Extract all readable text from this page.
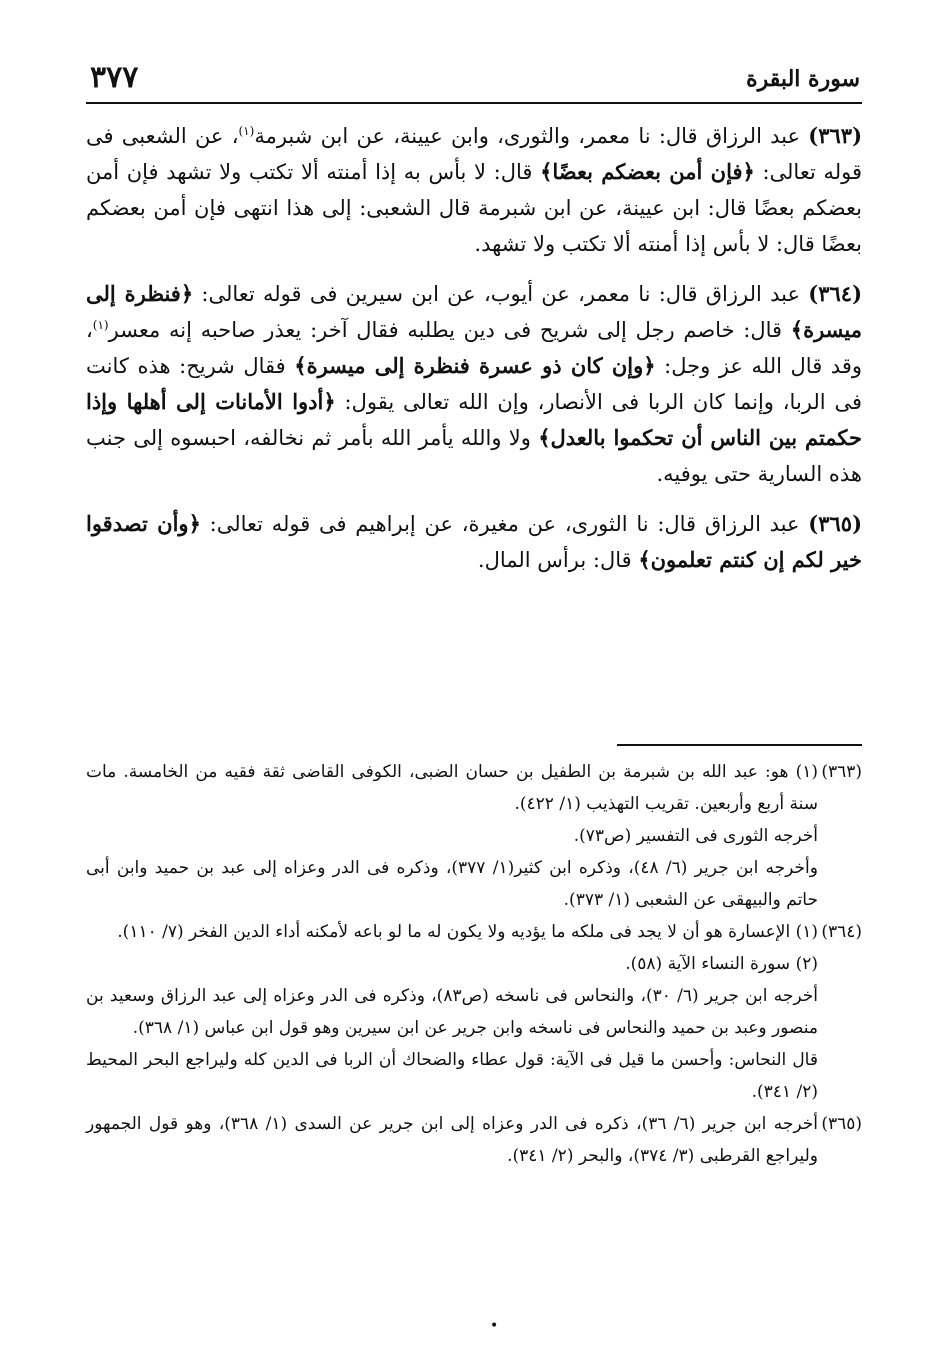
٣٧٧	سورة البقرة

(٣٦٣) عبد الرزاق قال: نا معمر، والثورى، وابن عيينة، عن ابن شبرمة$^{(١)}$، عن الشعبى فى قوله تعالى: ﴿فإن أمن بعضكم بعضًا﴾ قال: لا بأس به إذا أمنته ألا تكتب ولا تشهد فإن أمن بعضكم بعضًا قال: ابن عيينة، عن ابن شبرمة قال الشعبى: إلى هذا انتهى فإن أمن بعضكم بعضًا قال: لا بأس إذا أمنته ألا تكتب ولا تشهد.

(٣٦٤) عبد الرزاق قال: نا معمر، عن أيوب، عن ابن سيرين فى قوله تعالى: ﴿فنظرة إلى ميسرة﴾ قال: خاصم رجل إلى شريح فى دين يطلبه فقال آخر: يعذر صاحبه إنه معسر$^{(١)}$، وقد قال الله عز وجل: ﴿وإن كان ذو عسرة فنظرة إلى ميسرة﴾ فقال شريح: هذه كانت فى الربا، وإنما كان الربا فى الأنصار، وإن الله تعالى يقول: ﴿أدوا الأمانات إلى أهلها وإذا حكمتم بين الناس أن تحكموا بالعدل﴾ ولا والله يأمر الله بأمر ثم نخالفه، احبسوه إلى جنب هذه السارية حتى يوفيه.

(٣٦٥) عبد الرزاق قال: نا الثورى، عن مغيرة، عن إبراهيم فى قوله تعالى: ﴿وأن تصدقوا خير لكم إن كنتم تعلمون﴾ قال: برأس المال.

(٣٦٣)
(١) هو: عبد الله بن شبرمة بن الطفيل بن حسان الضبى، الكوفى القاضى ثقة فقيه من الخامسة. مات سنة أربع وأربعين. تقريب التهذيب (١/ ٤٢٢).

أخرجه الثورى فى التفسير (ص٧٣).

وأخرجه ابن جرير (٦/ ٤٨)، وذكره ابن كثير(١/ ٣٧٧)، وذكره فى الدر وعزاه إلى عبد بن حميد وابن أبى حاتم والبيهقى عن الشعبى (١/ ٣٧٣).

(٣٦٤)
(١) الإعسارة هو أن لا يجد فى ملكه ما يؤديه ولا يكون له ما لو باعه لأمكنه أداء الدين الفخر (٧/ ١١٠).

(٢) سورة النساء الآية (٥٨).

أخرجه ابن جرير (٦/ ٣٠)، والنحاس فى ناسخه (ص٨٣)، وذكره فى الدر وعزاه إلى عبد الرزاق وسعيد بن منصور وعبد بن حميد والنحاس فى ناسخه وابن جرير عن ابن سيرين وهو قول ابن عباس (١/ ٣٦٨).

قال النحاس: وأحسن ما قيل فى الآية: قول عطاء والضحاك أن الربا فى الدين كله وليراجع البحر المحيط (٢/ ٣٤١).

(٣٦٥)
أخرجه ابن جرير (٦/ ٣٦)، ذكره فى الدر وعزاه إلى ابن جرير عن السدى (١/ ٣٦٨)، وهو قول الجمهور وليراجع القرطبى (٣/ ٣٧٤)، والبحر (٢/ ٣٤١).
•
